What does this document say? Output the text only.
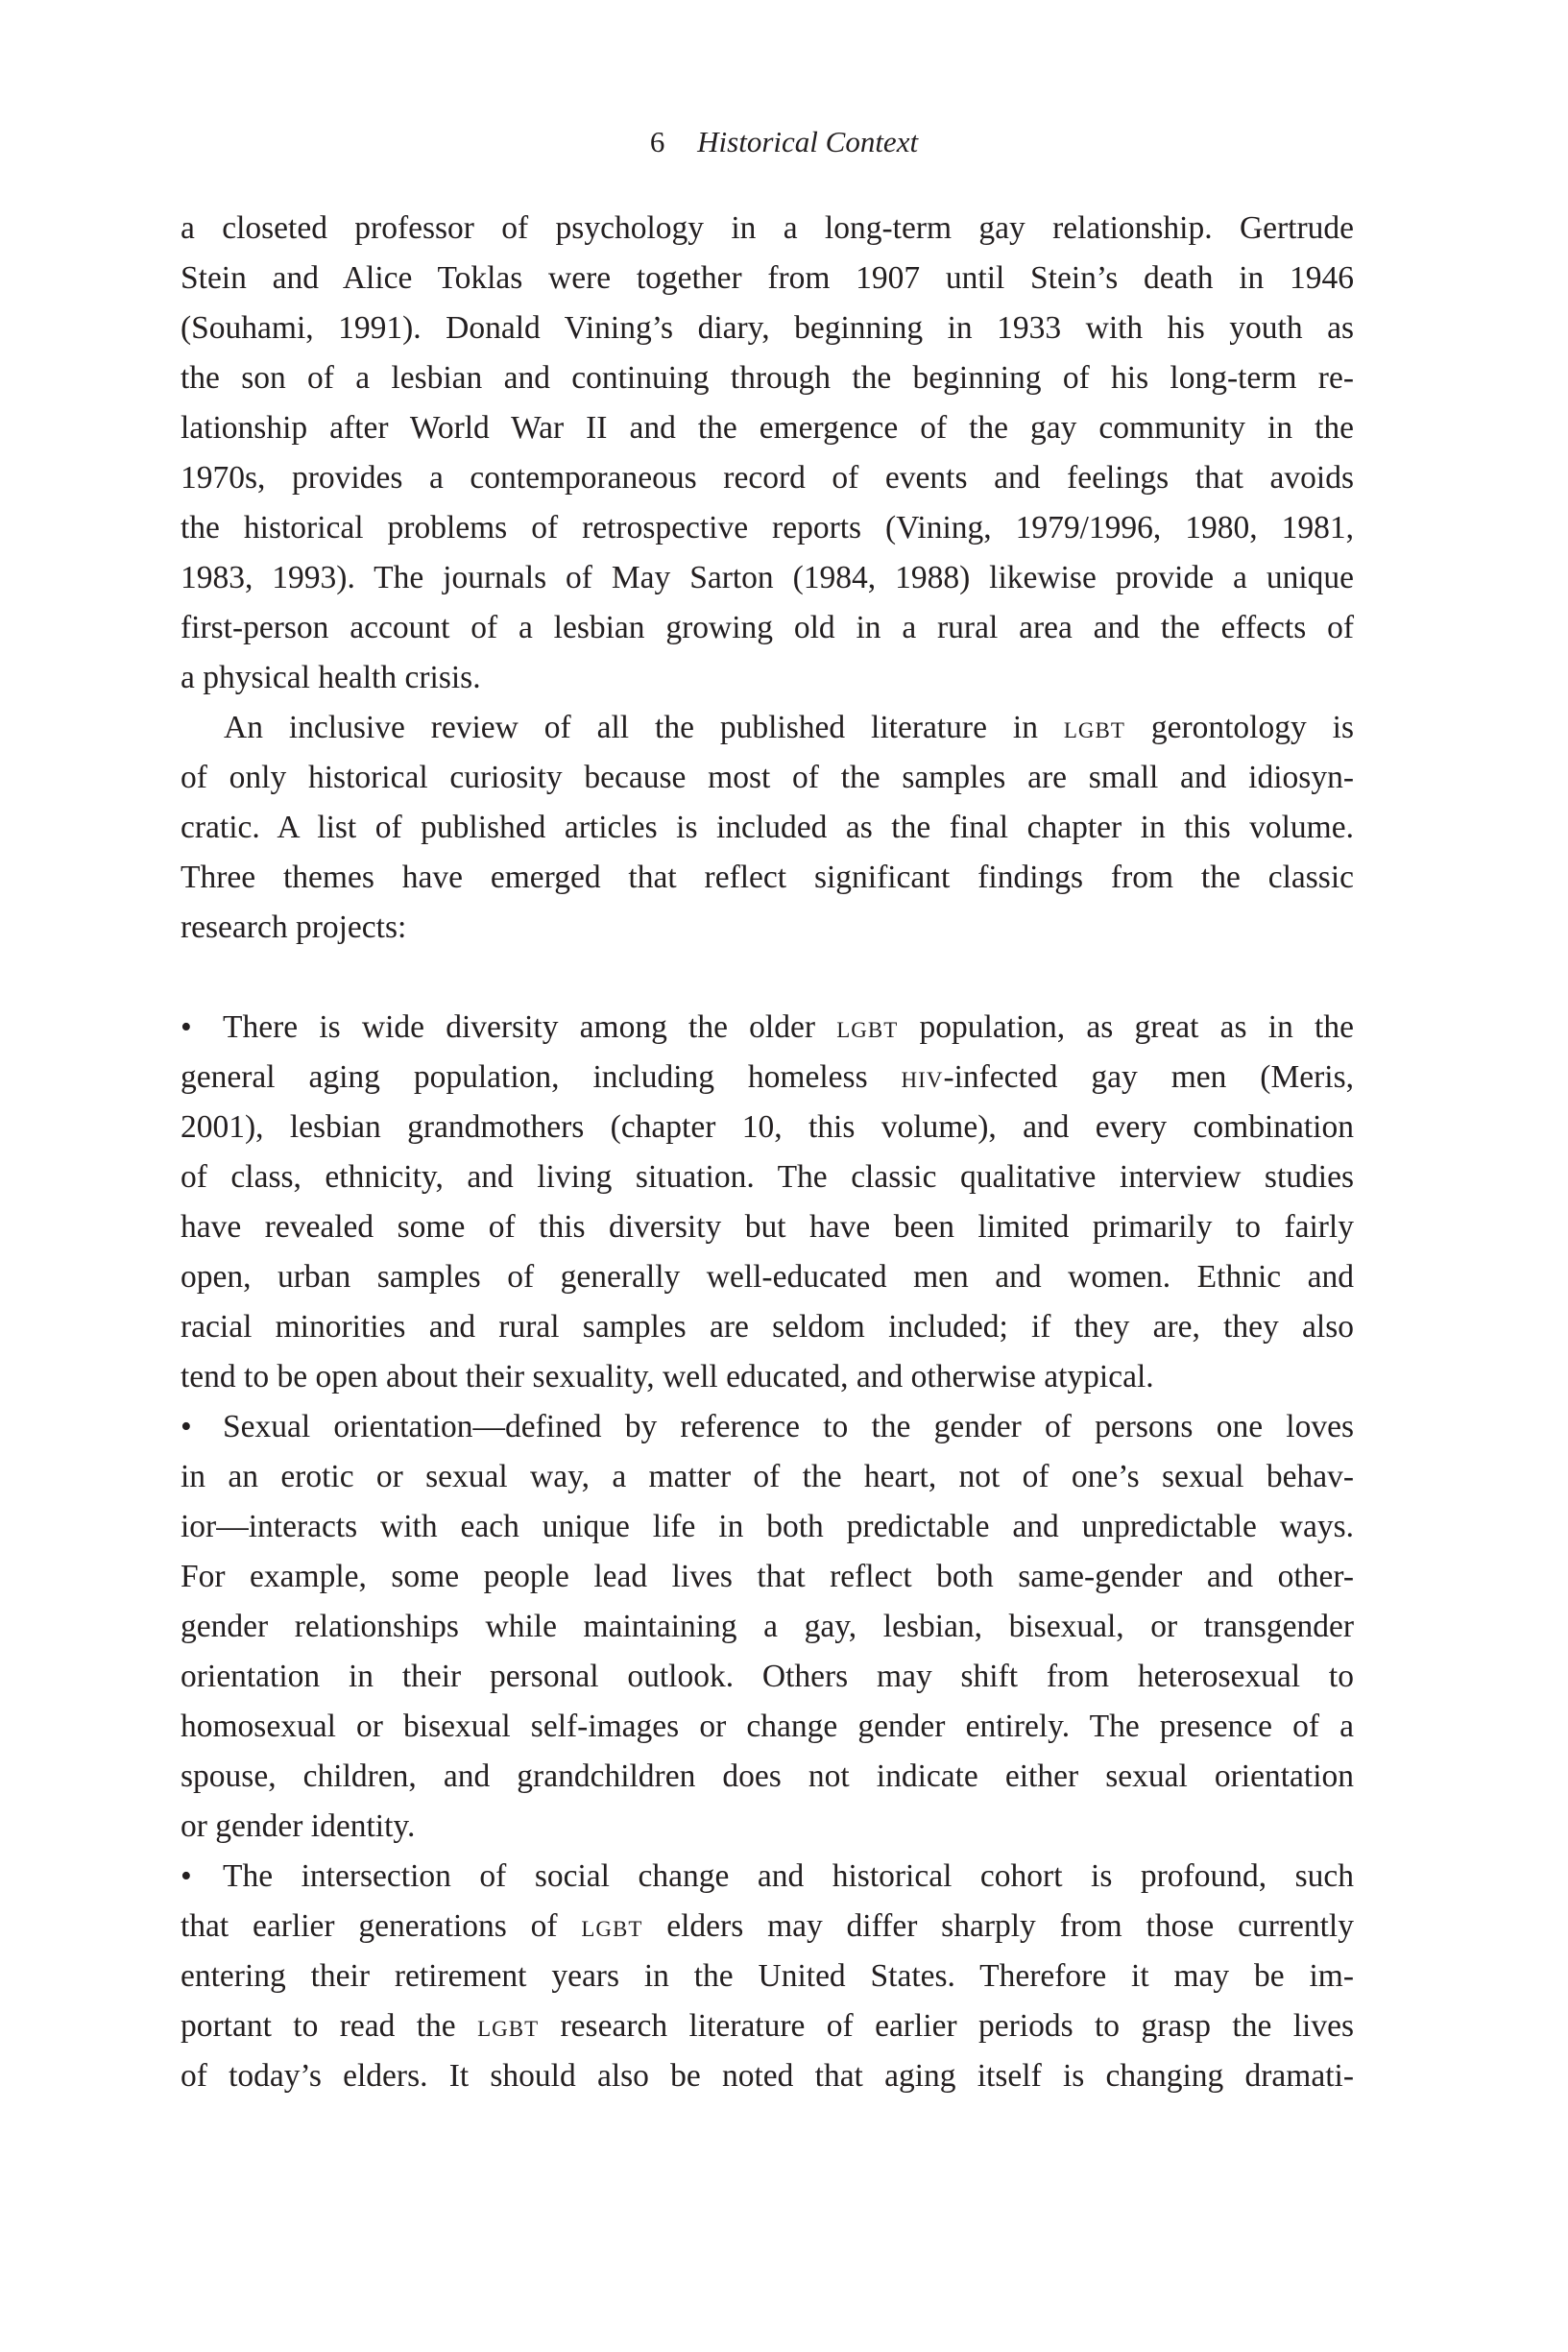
6 Historical Context
a closeted professor of psychology in a long-term gay relationship. Gertrude
Stein and Alice Toklas were together from 1907 until Stein’s death in 1946
(Souhami, 1991). Donald Vining’s diary, beginning in 1933 with his youth as
the son of a lesbian and continuing through the beginning of his long-term re-
lationship after World War II and the emergence of the gay community in the
1970s, provides a contemporaneous record of events and feelings that avoids
the historical problems of retrospective reports (Vining, 1979/1996, 1980, 1981,
1983, 1993). The journals of May Sarton (1984, 1988) likewise provide a unique
first-person account of a lesbian growing old in a rural area and the effects of
a physical health crisis.
An inclusive review of all the published literature in lgbt gerontology is
of only historical curiosity because most of the samples are small and idiosyn-
cratic. A list of published articles is included as the final chapter in this volume.
Three themes have emerged that reflect significant findings from the classic
research projects:
• There is wide diversity among the older lgbt population, as great as in the
general aging population, including homeless hiv-infected gay men (Meris,
2001), lesbian grandmothers (chapter 10, this volume), and every combination
of class, ethnicity, and living situation. The classic qualitative interview studies
have revealed some of this diversity but have been limited primarily to fairly
open, urban samples of generally well-educated men and women. Ethnic and
racial minorities and rural samples are seldom included; if they are, they also
tend to be open about their sexuality, well educated, and otherwise atypical.
• Sexual orientation—defined by reference to the gender of persons one loves
in an erotic or sexual way, a matter of the heart, not of one’s sexual behav-
ior—interacts with each unique life in both predictable and unpredictable ways.
For example, some people lead lives that reflect both same-gender and other-
gender relationships while maintaining a gay, lesbian, bisexual, or transgender
orientation in their personal outlook. Others may shift from heterosexual to
homosexual or bisexual self-images or change gender entirely. The presence of a
spouse, children, and grandchildren does not indicate either sexual orientation
or gender identity.
• The intersection of social change and historical cohort is profound, such
that earlier generations of lgbt elders may differ sharply from those currently
entering their retirement years in the United States. Therefore it may be im-
portant to read the lgbt research literature of earlier periods to grasp the lives
of today’s elders. It should also be noted that aging itself is changing dramati-
